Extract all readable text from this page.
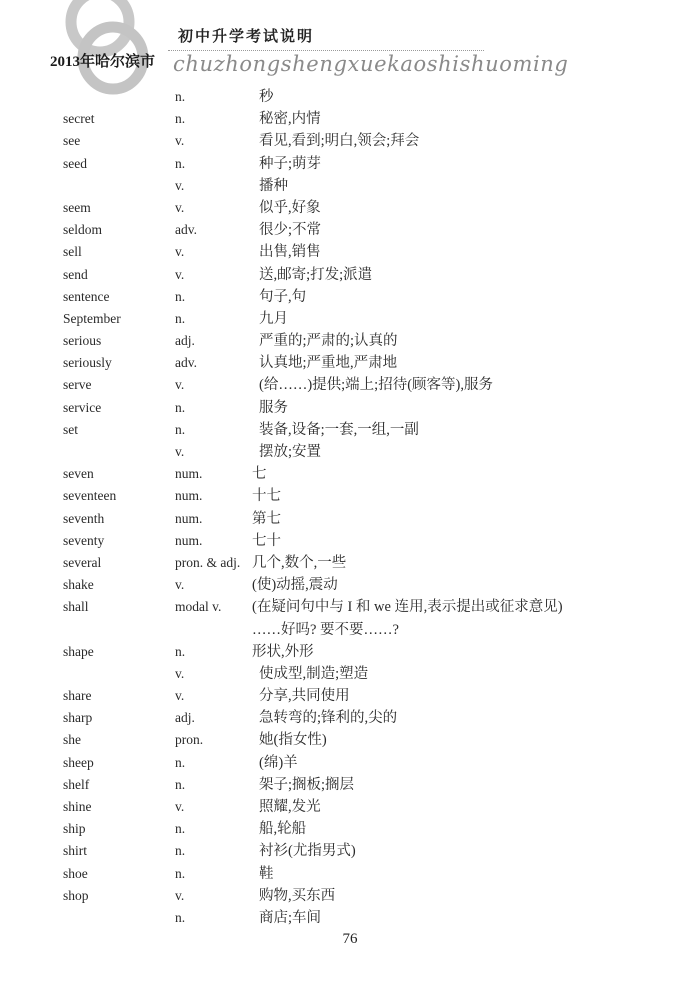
2013年哈尔滨市
初中升学考试说明
chuzhongshengxuekaoshishuoming
n.	秒
secret	n.	秘密,内情
see	v.	看见,看到;明白,领会;拜会
seed	n.	种子;萌芽
v.	播种
seem	v.	似乎,好象
seldom	adv.	很少;不常
sell	v.	出售,销售
send	v.	送,邮寄;打发;派遣
sentence	n.	句子,句
September	n.	九月
serious	adj.	严重的;严肃的;认真的
seriously	adv.	认真地;严重地,严肃地
serve	v.	(给……)提供;端上;招待(顾客等),服务
service	n.	服务
set	n.	装备,设备;一套,一组,一副
v.	摆放;安置
seven	num.	七
seventeen	num.	十七
seventh	num.	第七
seventy	num.	七十
several	pron. & adj. 几个,数个,一些
shake	v.	(使)动摇,震动
shall	modal v. (在疑问句中与 I 和 we 连用,表示提出或征求意见)
……好吗? 要不要……?
shape	n.	形状,外形
v.	使成型,制造;塑造
share	v.	分享,共同使用
sharp	adj.	急转弯的;锋利的,尖的
she	pron.	她(指女性)
sheep	n.	(绵)羊
shelf	n.	架子;搁板;搁层
shine	v.	照耀,发光
ship	n.	船,轮船
shirt	n.	衬衫(尤指男式)
shoe	n.	鞋
shop	v.	购物,买东西
n.	商店;车间
76
